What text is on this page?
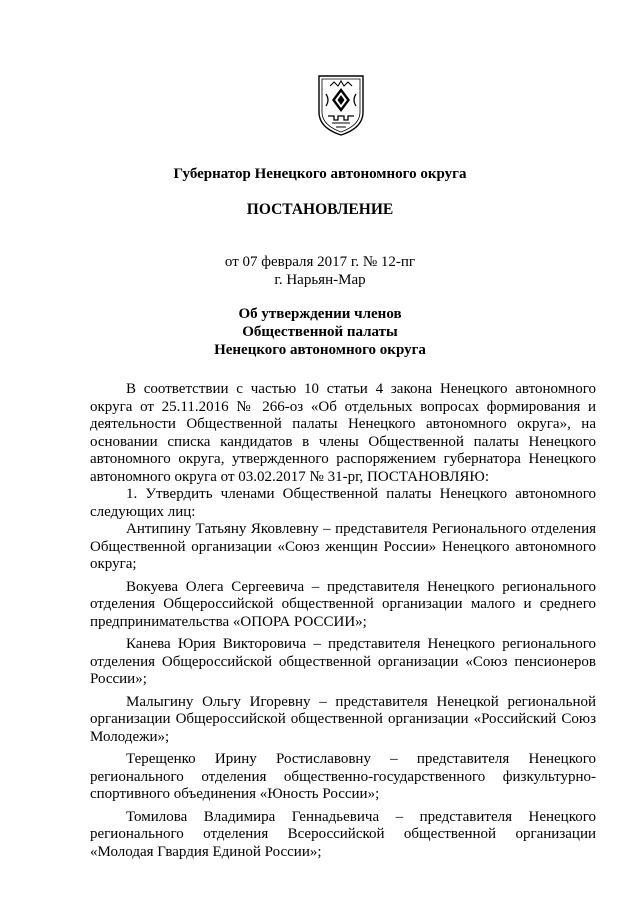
Губернатор Ненецкого автономного округа
ПОСТАНОВЛЕНИЕ
от 07 февраля 2017 г. № 12-пг
г. Нарьян-Мар
Об утверждении членов
Общественной палаты
Ненецкого автономного округа

В соответствии с частью 10 статьи 4 закона Ненецкого автономного округа от 25.11.2016 № 266-оз «Об отдельных вопросах формирования и деятельности Общественной палаты Ненецкого автономного округа», на основании списка кандидатов в члены Общественной палаты Ненецкого автономного округа, утвержденного распоряжением губернатора Ненецкого автономного округа от 03.02.2017 № 31-рг, ПОСТАНОВЛЯЮ:

1. Утвердить членами Общественной палаты Ненецкого автономного следующих лиц:

Антипину Татьяну Яковлевну – представителя Регионального отделения Общественной организации «Союз женщин России» Ненецкого автономного округа;

Вокуева Олега Сергеевича – представителя Ненецкого регионального отделения Общероссийской общественной организации малого и среднего предпринимательства «ОПОРА РОССИИ»;

Канева Юрия Викторовича – представителя Ненецкого регионального отделения Общероссийской общественной организации «Союз пенсионеров России»;

Малыгину Ольгу Игоревну – представителя Ненецкой региональной организации Общероссийской общественной организации «Российский Союз Молодежи»;

Терещенко Ирину Ростиславовну – представителя Ненецкого регионального отделения общественно-государственного физкультурно-спортивного объединения «Юность России»;

Томилова Владимира Геннадьевича – представителя Ненецкого регионального отделения Всероссийской общественной организации «Молодая Гвардия Единой России»;
